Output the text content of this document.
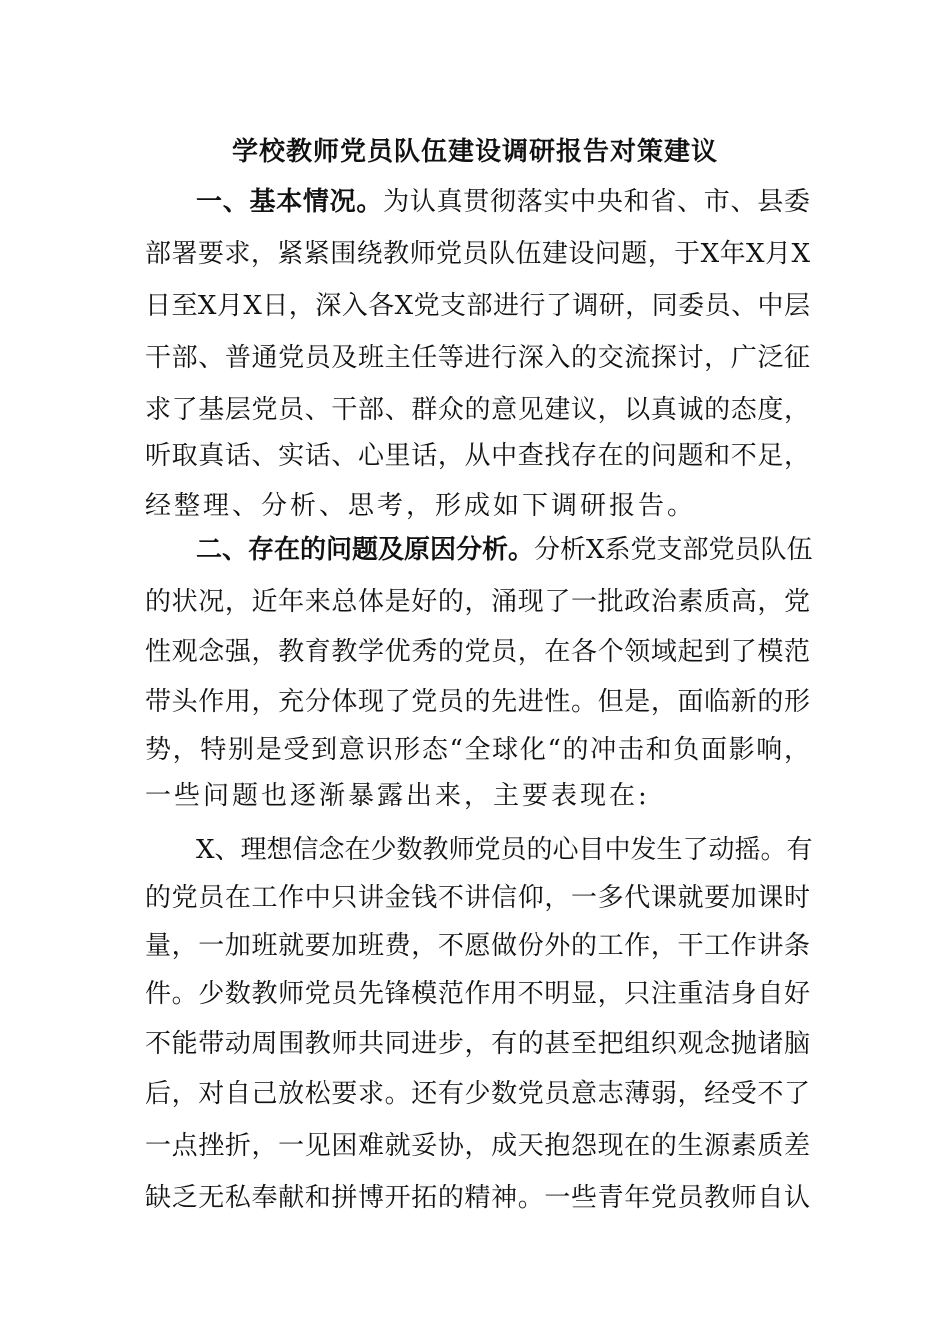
学校教师党员队伍建设调研报告对策建议
一、基本情况。为认真贯彻落实中央和省、市、县委
部署要求，紧紧围绕教师党员队伍建设问题，于X年X月X
日至X月X日，深入各X党支部进行了调研，同委员、中层
干部、普通党员及班主任等进行深入的交流探讨，广泛征
求了基层党员、干部、群众的意见建议，以真诚的态度，
听取真话、实话、心里话，从中查找存在的问题和不足，
经整理、分析、思考，形成如下调研报告。
二、存在的问题及原因分析。分析X系党支部党员队伍
的状况，近年来总体是好的，涌现了一批政治素质高，党
性观念强，教育教学优秀的党员，在各个领域起到了模范
带头作用，充分体现了党员的先进性。但是，面临新的形
势，特别是受到意识形态“全球化“的冲击和负面影响，
一些问题也逐渐暴露出来，主要表现在:
X、理想信念在少数教师党员的心目中发生了动摇。有
的党员在工作中只讲金钱不讲信仰，一多代课就要加课时
量，一加班就要加班费，不愿做份外的工作，干工作讲条
件。少数教师党员先锋模范作用不明显，只注重洁身自好
不能带动周围教师共同进步，有的甚至把组织观念抛诸脑
后，对自己放松要求。还有少数党员意志薄弱，经受不了
一点挫折，一见困难就妥协，成天抱怨现在的生源素质差
缺乏无私奉献和拼博开拓的精神。一些青年党员教师自认
